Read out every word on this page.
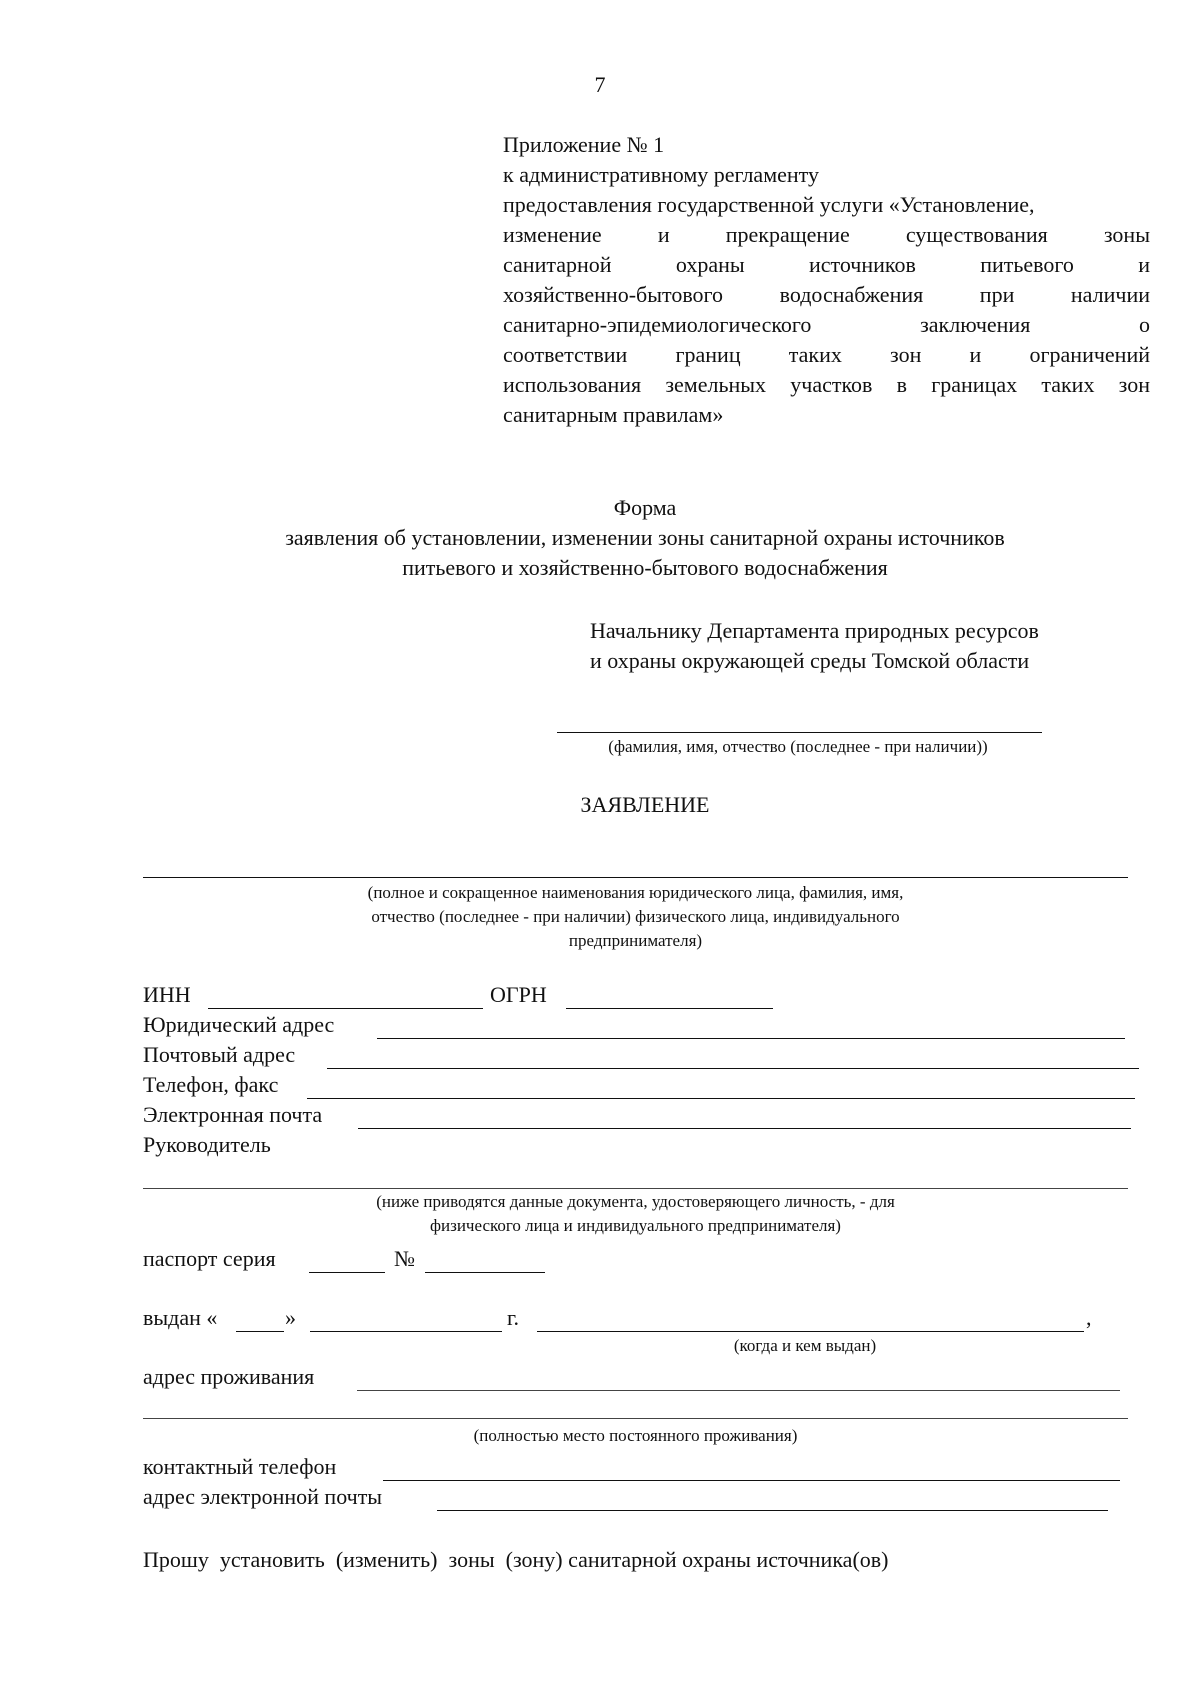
7
Приложение № 1
к административному регламенту
предоставления государственной услуги «Установление,
изменение и прекращение существования зоны
санитарной охраны источников питьевого и
хозяйственно-бытового водоснабжения при наличии
санитарно-эпидемиологического заключения о
соответствии границ таких зон и ограничений
использования земельных участков в границах таких зон
санитарным правилам»
Форма
заявления об установлении, изменении зоны санитарной охраны источников
питьевого и хозяйственно-бытового водоснабжения
Начальнику Департамента природных ресурсов
и охраны окружающей среды Томской области
(фамилия, имя, отчество (последнее - при наличии))
ЗАЯВЛЕНИЕ
(полное и сокращенное наименования юридического лица, фамилия, имя,
отчество (последнее - при наличии) физического лица, индивидуального
предпринимателя)
ИНН	ОГРН
Юридический адрес
Почтовый адрес
Телефон, факс
Электронная почта
Руководитель
(ниже приводятся данные документа, удостоверяющего личность, - для
физического лица и индивидуального предпринимателя)
паспорт серия	№
выдан «	»	г.	,
(когда и кем выдан)
адрес проживания
(полностью место постоянного проживания)
контактный телефон
адрес электронной почты
Прошу  установить  (изменить)  зоны  (зону) санитарной охраны источника(ов)
